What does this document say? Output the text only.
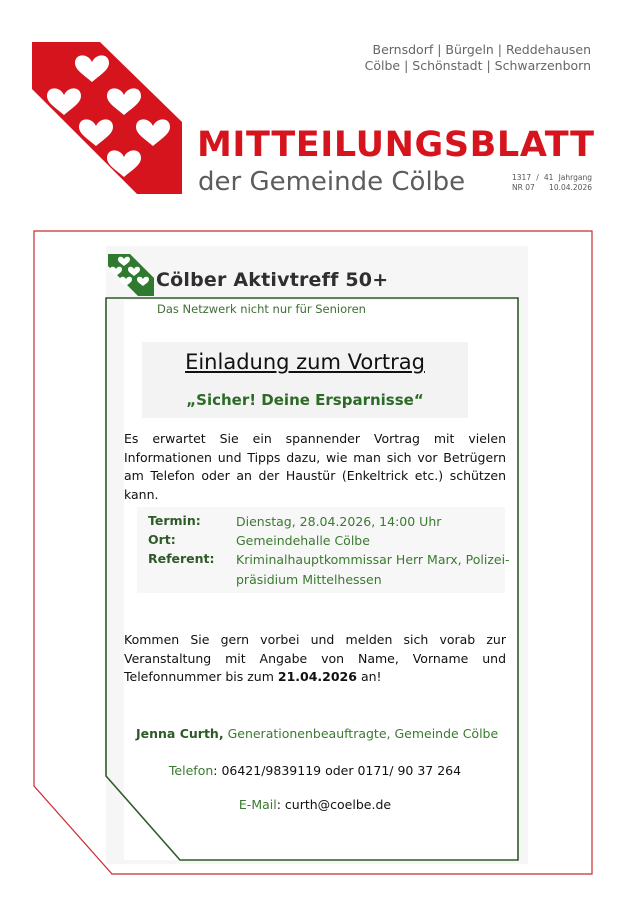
Bernsdorf | Bürgeln | Reddehausen
Cölbe | Schönstadt | Schwarzenborn
MITTEILUNGSBLATT
der Gemeinde Cölbe	1317 / 41 Jahrgang
NR 07 10.04.2026
Cölber Aktivtreff 50+
Das Netzwerk nicht nur für Senioren
Einladung zum Vortrag
„Sicher! Deine Ersparnisse“
Es erwartet Sie ein spannender Vortrag mit vielen Informationen und Tipps dazu, wie man sich vor Betrügern am Telefon oder an der Haustür (Enkeltrick etc.) schützen kann.
Termin:	Dienstag, 28.04.2026, 14:00 Uhr
Ort:	Gemeindehalle Cölbe
Referent: Kriminalhauptkommissar Herr Marx, Polizei-
präsidium Mittelhessen
Kommen Sie gern vorbei und melden sich vorab zur Veranstaltung mit Angabe von Name, Vorname und Telefonnummer bis zum 21.04.2026 an!
Jenna Curth, Generationenbeauftragte, Gemeinde Cölbe
Telefon: 06421/9839119 oder 0171/ 90 37 264
E-Mail: curth@coelbe.de
